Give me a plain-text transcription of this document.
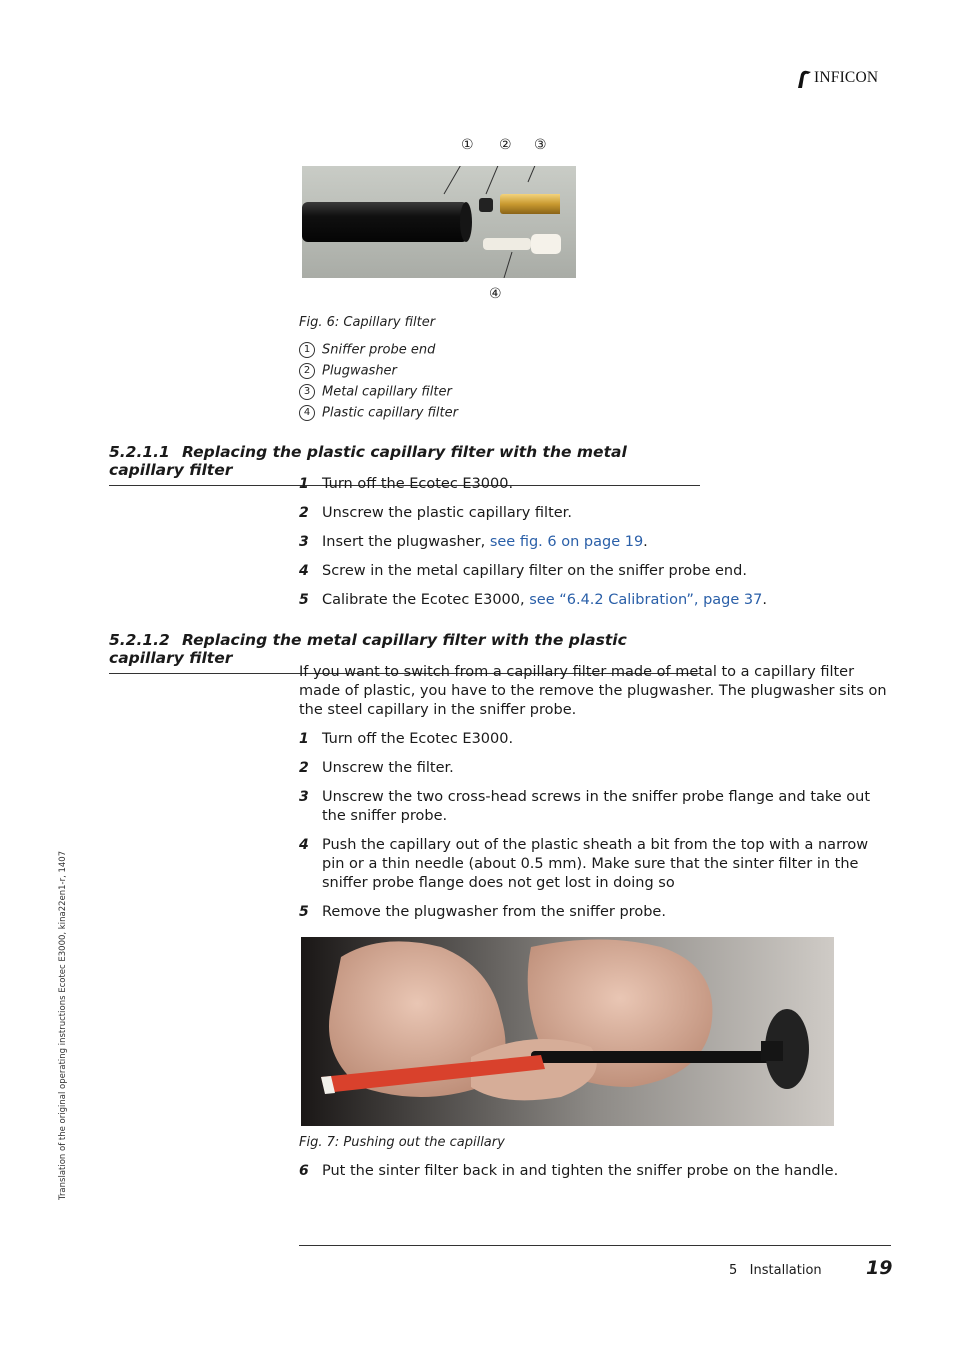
INFICON
① ② ③
④
Fig. 6: Capillary filter
1 Sniffer probe end
2 Plugwasher
3 Metal capillary filter
4 Plastic capillary filter
5.2.1.1 Replacing the plastic capillary filter with the metal capillary filter
1 Turn off the Ecotec E3000.
2 Unscrew the plastic capillary filter.
3 Insert the plugwasher, see fig. 6 on page 19.
4 Screw in the metal capillary filter on the sniffer probe end.
5 Calibrate the Ecotec E3000, see “6.4.2 Calibration”, page 37.
5.2.1.2 Replacing the metal capillary filter with the plastic capillary filter
If you want to switch from a capillary filter made of metal to a capillary filter made of plastic, you have to the remove the plugwasher. The plugwasher sits on the steel capillary in the sniffer probe.
1 Turn off the Ecotec E3000.
2 Unscrew the filter.
3 Unscrew the two cross-head screws in the sniffer probe flange and take out the sniffer probe.
4 Push the capillary out of the plastic sheath a bit from the top with a narrow pin or a thin needle (about 0.5 mm). Make sure that the sinter filter in the sniffer probe flange does not get lost in doing so
5 Remove the plugwasher from the sniffer probe.
Fig. 7: Pushing out the capillary
6 Put the sinter filter back in and tighten the sniffer probe on the handle.
Translation of the original operating instructions Ecotec E3000, kina22en1-r, 1407
5   Installation 19
